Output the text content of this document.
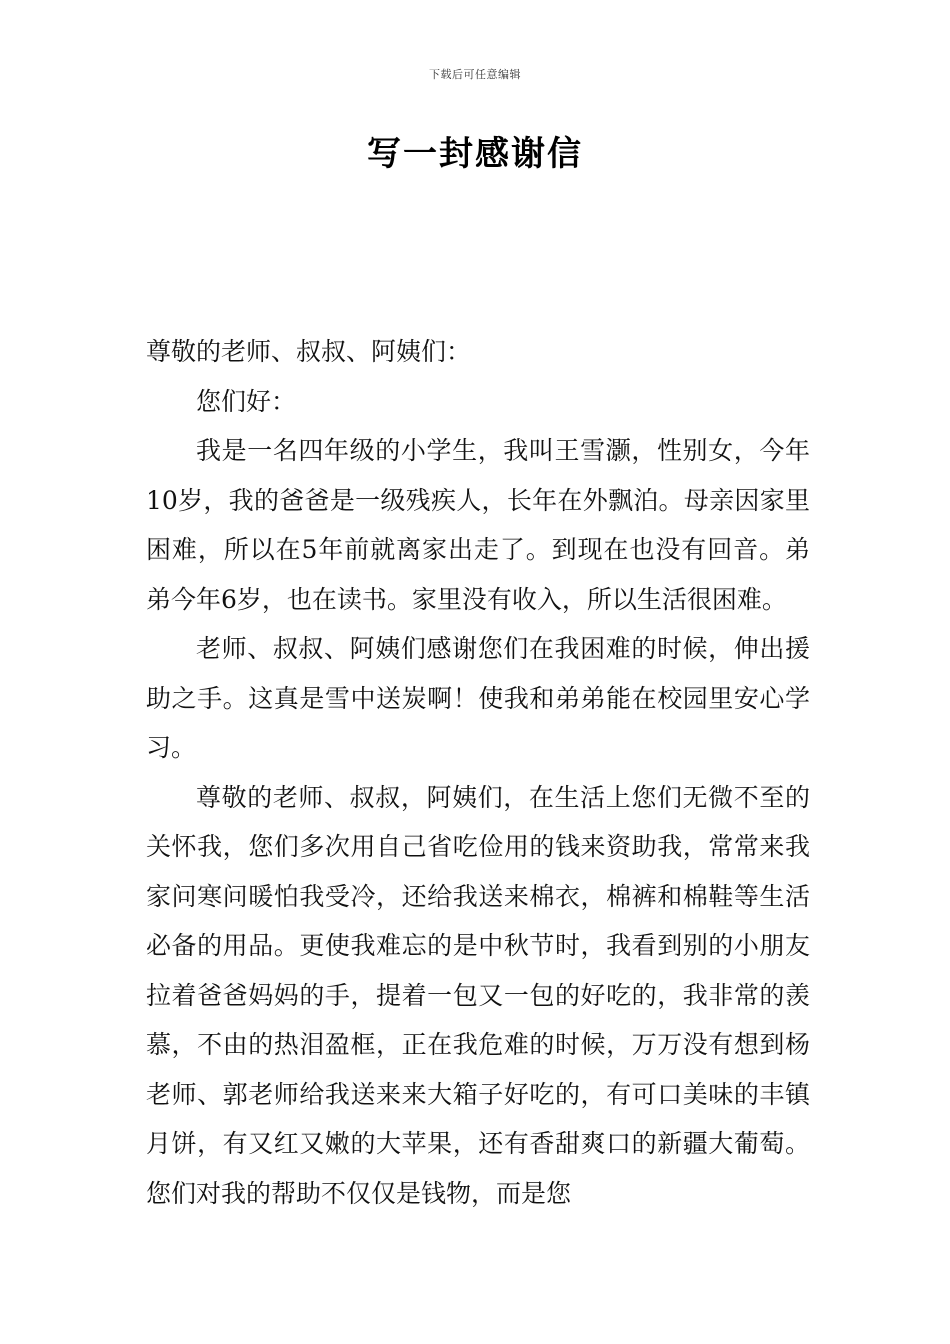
下载后可任意编辑
写一封感谢信

尊敬的老师、叔叔、阿姨们：

您们好：

我是一名四年级的小学生，我叫王雪灏，性别女，今年10岁，我的爸爸是一级残疾人，长年在外飘泊。母亲因家里困难，所以在5年前就离家出走了。到现在也没有回音。弟弟今年6岁，也在读书。家里没有收入，所以生活很困难。

老师、叔叔、阿姨们感谢您们在我困难的时候，伸出援助之手。这真是雪中送炭啊！使我和弟弟能在校园里安心学习。

尊敬的老师、叔叔，阿姨们，在生活上您们无微不至的关怀我，您们多次用自己省吃俭用的钱来资助我，常常来我家问寒问暖怕我受冷，还给我送来棉衣，棉裤和棉鞋等生活必备的用品。更使我难忘的是中秋节时，我看到别的小朋友拉着爸爸妈妈的手，提着一包又一包的好吃的，我非常的羡慕，不由的热泪盈框，正在我危难的时候，万万没有想到杨老师、郭老师给我送来来大箱子好吃的，有可口美味的丰镇月饼，有又红又嫩的大苹果，还有香甜爽口的新疆大葡萄。您们对我的帮助不仅仅是钱物，而是您
